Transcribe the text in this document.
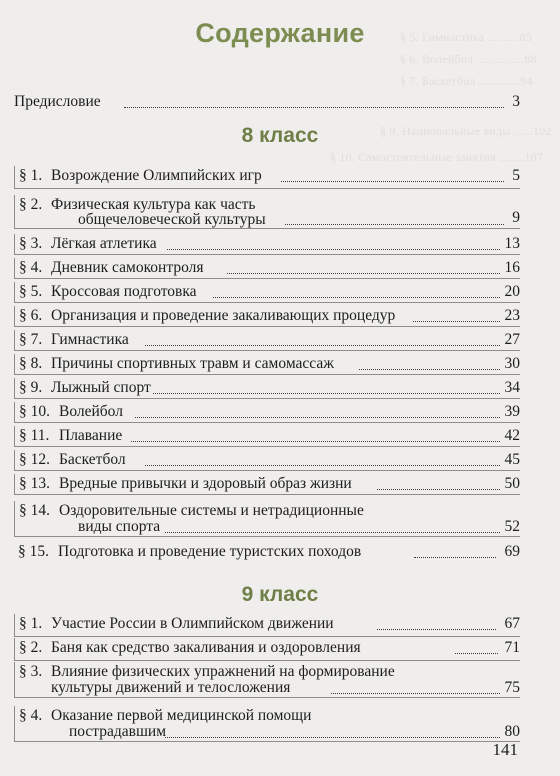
§ 5. Гимнастика ..........85
§ 6. Волейбол ...............88
§ 7. Баскетбол .............94
§ 9. Национальные виды ......102
§ 10. Самостоятельные занятия ........107
Содержание
Предисловие	3
8 класс
§ 1. Возрождение Олимпийских игр	5
§ 2. Физическая культура как часть
общечеловеческой культуры	9
§ 3. Лёгкая атлетика	13
§ 4. Дневник самоконтроля	16
§ 5. Кроссовая подготовка	20
§ 6. Организация и проведение закаливающих процедур	23
§ 7. Гимнастика	27
§ 8. Причины спортивных травм и самомассаж	30
§ 9. Лыжный спорт	34
§ 10. Волейбол	39
§ 11. Плавание	42
§ 12. Баскетбол	45
§ 13. Вредные привычки и здоровый образ жизни	50
§ 14. Оздоровительные системы и нетрадиционные
виды спорта	52
§ 15. Подготовка и проведение туристских походов	69
9 класс
§ 1. Участие России в Олимпийском движении	67
§ 2. Баня как средство закаливания и оздоровления	71
§ 3. Влияние физических упражнений на формирование
культуры движений и телосложения	75
§ 4. Оказание первой медицинской помощи
пострадавшим	80
141
